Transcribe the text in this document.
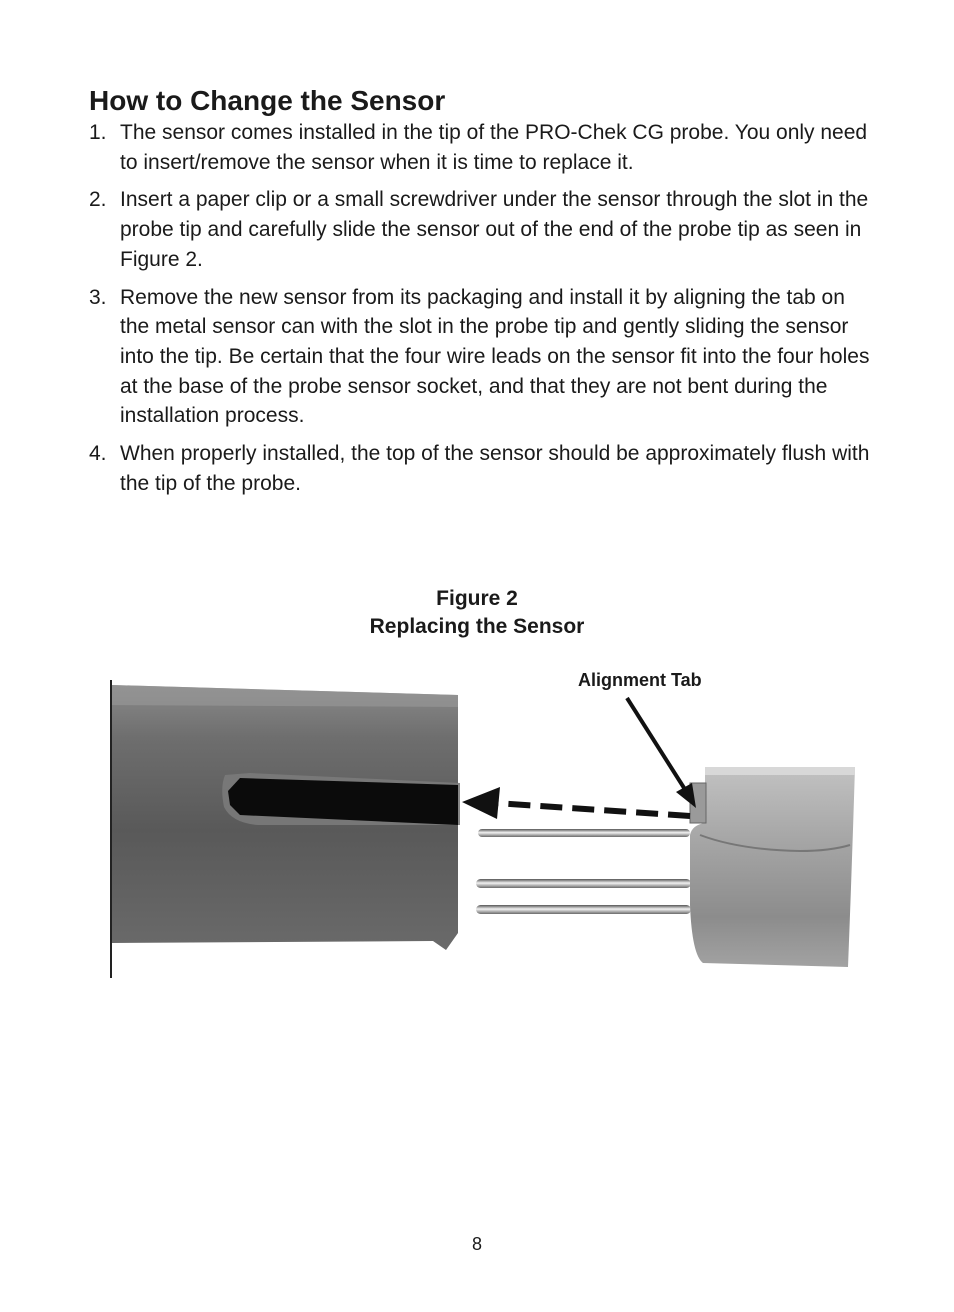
How to Change the Sensor
1. The sensor comes installed in the tip of the PRO-Chek CG probe. You only need to insert/remove the sensor when it is time to replace it.
2. Insert a paper clip or a small screwdriver under the sensor through the slot in the probe tip and carefully slide the sensor out of the end of the probe tip as seen in Figure 2.
3. Remove the new sensor from its packaging and install it by aligning the tab on the metal sensor can with the slot in the probe tip and gently sliding the sensor into the tip. Be certain that the four wire leads on the sensor fit into the four holes at the base of the probe sensor socket, and that they are not bent during the installation process.
4. When properly installed, the top of the sensor should be approximately flush with the tip of the probe.
Figure 2
Replacing the Sensor
Alignment Tab
8
